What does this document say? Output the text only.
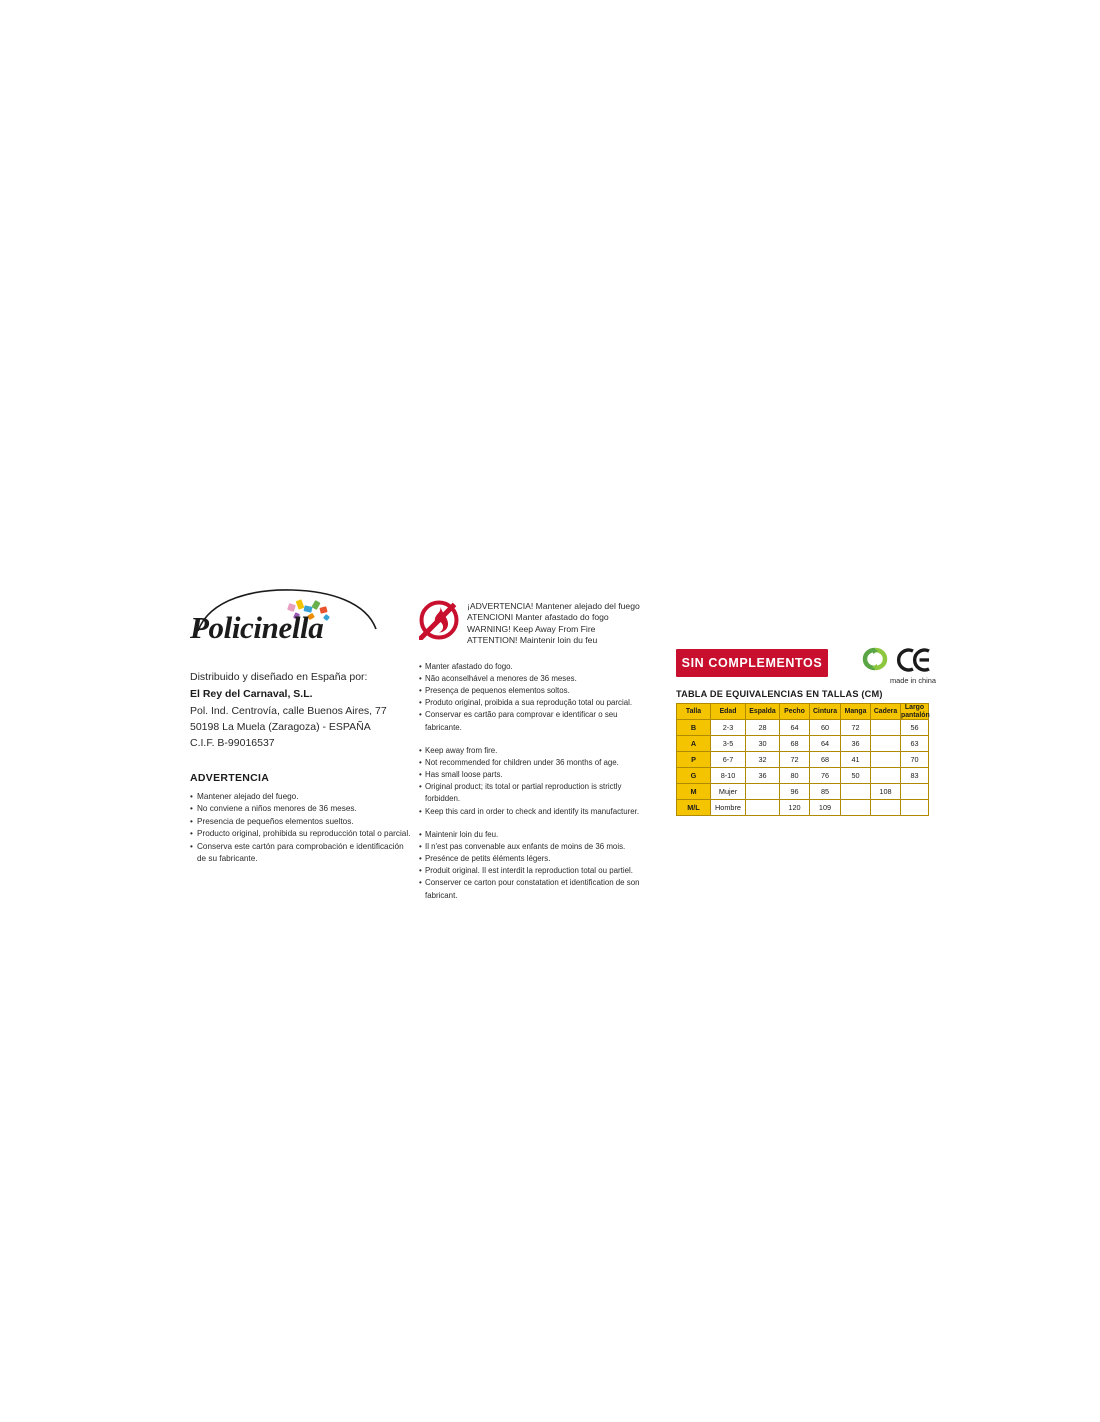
Policinella
Distribuido y diseñado en España por:
El Rey del Carnaval, S.L.
Pol. Ind. Centrovía, calle Buenos Aires, 77
50198 La Muela (Zaragoza) - ESPAÑA
C.I.F. B-99016537
ADVERTENCIA
• Mantener alejado del fuego.
• No conviene a niños menores de 36 meses.
• Presencia de pequeños elementos sueltos.
• Producto original, prohibida su reproducción total o parcial.
• Conserva este cartón para comprobación e identificación
de su fabricante.
¡ADVERTENCIA! Mantener alejado del fuego
ATENCIONI Manter afastado do fogo
WARNING! Keep Away From Fire
ATTENTION! Maintenir loin du feu
• Manter afastado do fogo.
• Não aconselhável a menores de 36 meses.
• Presença de pequenos elementos soltos.
• Produto original, proibida a sua reprodução total ou parcial.
• Conservar es cartão para comprovar e identificar o seu fabricante.
• Keep away from fire.
• Not recommended for children under 36 months of age.
• Has small loose parts.
• Original product; its total or partial reproduction is strictly forbidden.
• Keep this card in order to check and identify its manufacturer.
• Maintenir loin du feu.
• Il n'est pas convenable aux enfants de moins de 36 mois.
• Presénce de petits éléments légers.
• Produit original. Il est interdit la reproduction total ou partiel.
• Conserver ce carton pour constatation et identification de son
fabricant.
SIN COMPLEMENTOS
made in china
TABLA DE EQUIVALENCIAS EN TALLAS (CM)
Talla	Edad	Espalda	Pecho	Cintura	Manga	Cadera	Largo pantalón
B	2-3	28	64	60	72		56
A	3-5	30	68	64	36		63
P	6-7	32	72	68	41		70
G	8-10	36	80	76	50		83
M	Mujer		96	85		108	
M/L	Hombre		120	109			
